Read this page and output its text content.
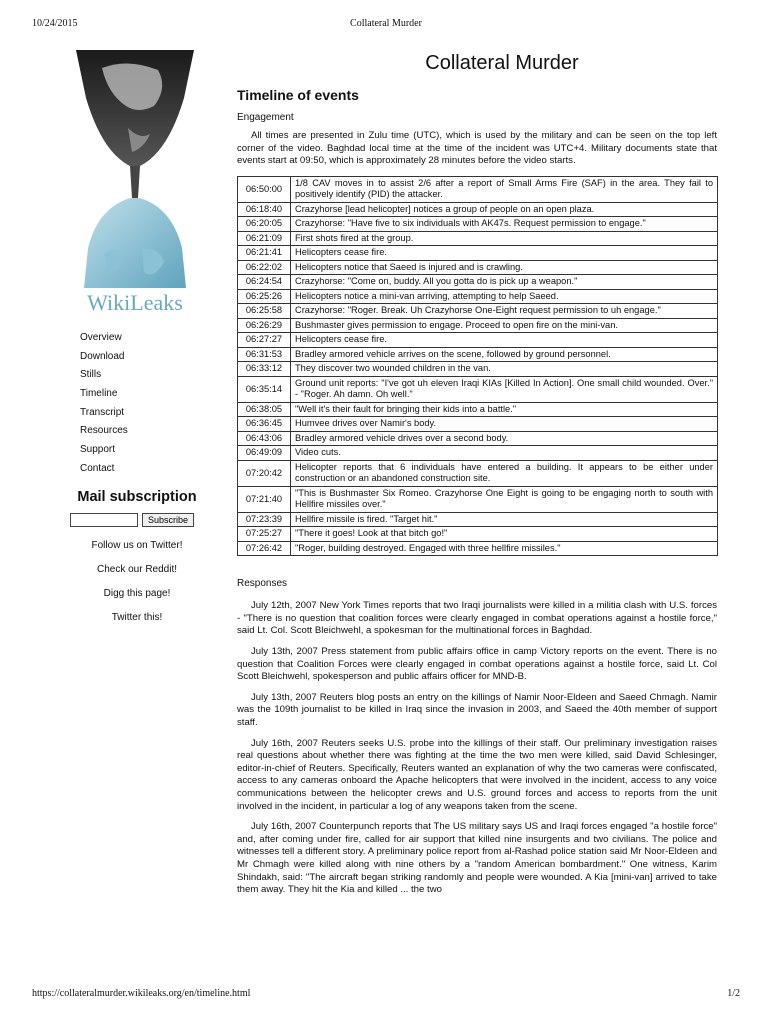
10/24/2015	Collateral Murder
WikiLeaks
Overview
Download
Stills
Timeline
Transcript
Resources
Support
Contact
Mail subscription
Subscribe
Follow us on Twitter!
Check our Reddit!
Digg this page!
Twitter this!
Collateral Murder
Timeline of events
Engagement

All times are presented in Zulu time (UTC), which is used by the military and can be seen on the top left corner of the video. Baghdad local time at the time of the incident was UTC+4. Military documents state that events start at 09:50, which is approximately 28 minutes before the video starts.

06:50:00	1/8 CAV moves in to assist 2/6 after a report of Small Arms Fire (SAF) in the area. They fail to positively identify (PID) the attacker.
06:18:40	Crazyhorse [lead helicopter] notices a group of people on an open plaza.
06:20:05	Crazyhorse: "Have five to six individuals with AK47s. Request permission to engage."
06:21:09	First shots fired at the group.
06:21:41	Helicopters cease fire.
06:22:02	Helicopters notice that Saeed is injured and is crawling.
06:24:54	Crazyhorse: "Come on, buddy. All you gotta do is pick up a weapon."
06:25:26	Helicopters notice a mini-van arriving, attempting to help Saeed.
06:25:58	Crazyhorse: "Roger. Break. Uh Crazyhorse One-Eight request permission to uh engage."
06:26:29	Bushmaster gives permission to engage. Proceed to open fire on the mini-van.
06:27:27	Helicopters cease fire.
06:31:53	Bradley armored vehicle arrives on the scene, followed by ground personnel.
06:33:12	They discover two wounded children in the van.
06:35:14	Ground unit reports: "I've got uh eleven Iraqi KIAs [Killed In Action]. One small child wounded. Over." - "Roger. Ah damn. Oh well."
06:38:05	"Well it's their fault for bringing their kids into a battle."
06:36:45	Humvee drives over Namir's body.
06:43:06	Bradley armored vehicle drives over a second body.
06:49:09	Video cuts.
07:20:42	Helicopter reports that 6 individuals have entered a building. It appears to be either under construction or an abandoned construction site.
07:21:40	"This is Bushmaster Six Romeo. Crazyhorse One Eight is going to be engaging north to south with Hellfire missiles over."
07:23:39	Hellfire missile is fired. "Target hit."
07:25:27	"There it goes! Look at that bitch go!"
07:26:42	"Roger, building destroyed. Engaged with three hellfire missiles."
Responses

July 12th, 2007 New York Times reports that two Iraqi journalists were killed in a militia clash with U.S. forces - "There is no question that coalition forces were clearly engaged in combat operations against a hostile force," said Lt. Col. Scott Bleichwehl, a spokesman for the multinational forces in Baghdad.

July 13th, 2007 Press statement from public affairs office in camp Victory reports on the event. There is no question that Coalition Forces were clearly engaged in combat operations against a hostile force, said Lt. Col Scott Bleichwehl, spokesperson and public affairs officer for MND-B.

July 13th, 2007 Reuters blog posts an entry on the killings of Namir Noor-Eldeen and Saeed Chmagh. Namir was the 109th journalist to be killed in Iraq since the invasion in 2003, and Saeed the 40th member of support staff.

July 16th, 2007 Reuters seeks U.S. probe into the killings of their staff. Our preliminary investigation raises real questions about whether there was fighting at the time the two men were killed, said David Schlesinger, editor-in-chief of Reuters. Specifically, Reuters wanted an explanation of why the two cameras were confiscated, access to any cameras onboard the Apache helicopters that were involved in the incident, access to any voice communications between the helicopter crews and U.S. ground forces and access to reports from the unit involved in the incident, in particular a log of any weapons taken from the scene.

July 16th, 2007 Counterpunch reports that The US military says US and Iraqi forces engaged "a hostile force" and, after coming under fire, called for air support that killed nine insurgents and two civilians. The police and witnesses tell a different story. A preliminary police report from al-Rashad police station said Mr Noor-Eldeen and Mr Chmagh were killed along with nine others by a "random American bombardment." One witness, Karim Shindakh, said: "The aircraft began striking randomly and people were wounded. A Kia [mini-van] arrived to take them away. They hit the Kia and killed ... the two

https://collateralmurder.wikileaks.org/en/timeline.html	1/2
